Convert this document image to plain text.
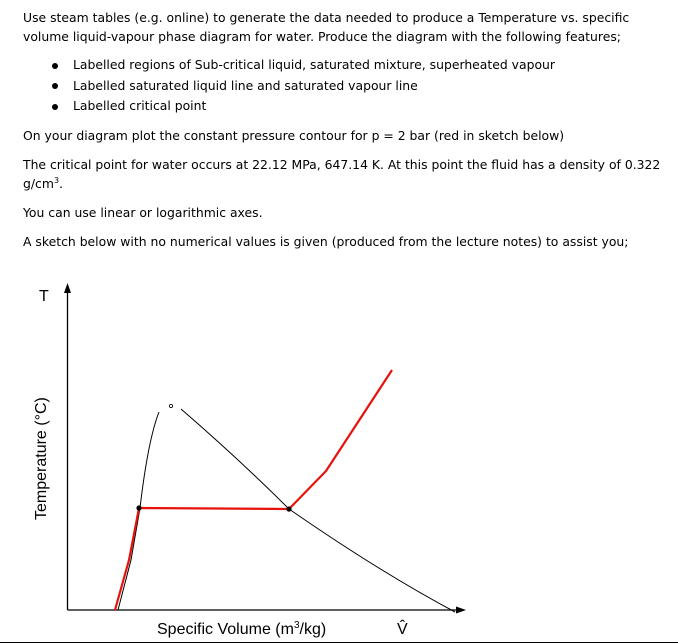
Use steam tables (e.g. online) to generate the data needed to produce a Temperature vs. specific volume liquid-vapour phase diagram for water. Produce the diagram with the following features;

Labelled regions of Sub-critical liquid, saturated mixture, superheated vapour
Labelled saturated liquid line and saturated vapour line
Labelled critical point

On your diagram plot the constant pressure contour for p = 2 bar (red in sketch below)

The critical point for water occurs at 22.12 MPa, 647.14 K. At this point the fluid has a density of 0.322 $g/cm^3$.

You can use linear or logarithmic axes.

A sketch below with no numerical values is given (produced from the lecture notes) to assist you;

T
Temperature (°C)
Specific Volume $(m^3/kg)$	V̂
